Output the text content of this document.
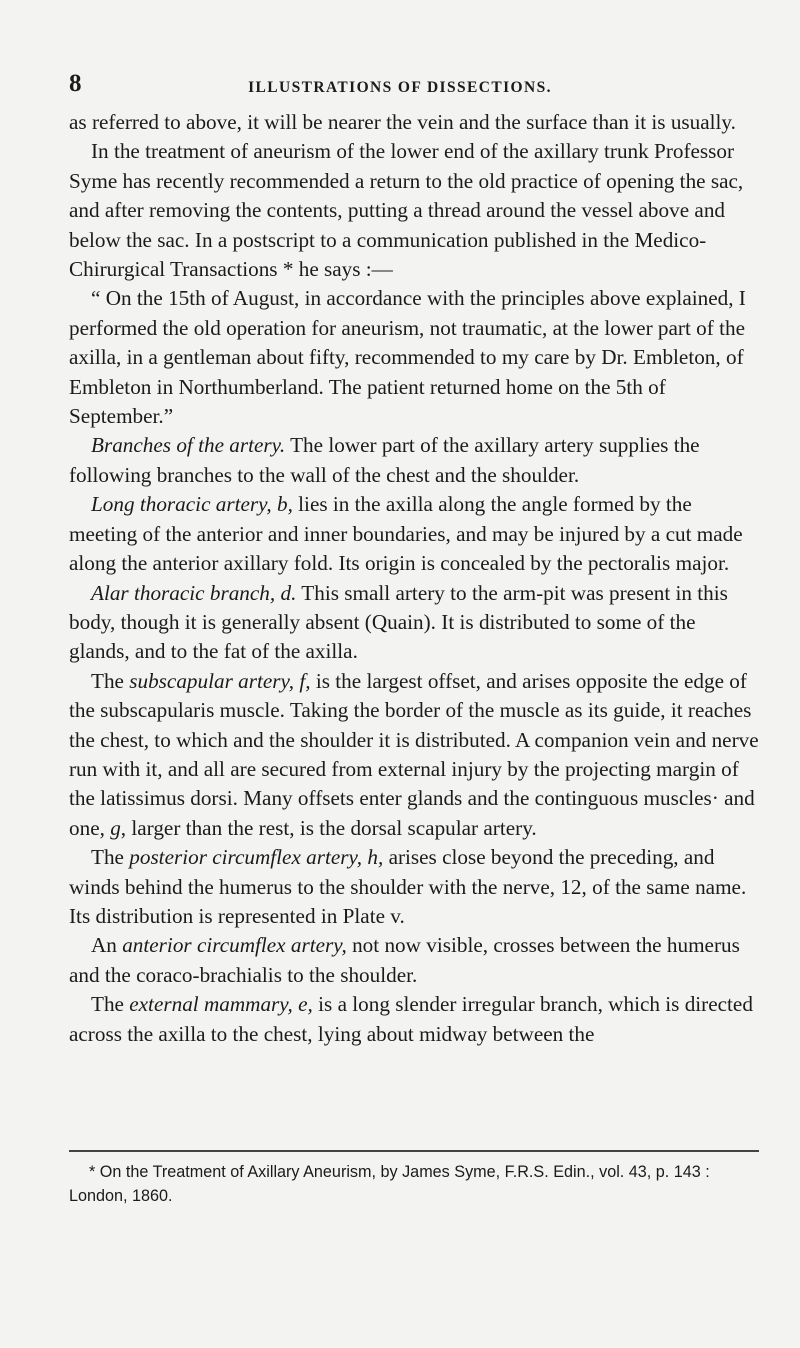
8	ILLUSTRATIONS OF DISSECTIONS.

as referred to above, it will be nearer the vein and the surface than it is usually.

In the treatment of aneurism of the lower end of the axillary trunk Professor Syme has recently recommended a return to the old practice of opening the sac, and after removing the contents, putting a thread around the vessel above and below the sac. In a postscript to a communication published in the Medico-Chirurgical Transactions * he says :—

“ On the 15th of August, in accordance with the principles above explained, I performed the old operation for aneurism, not traumatic, at the lower part of the axilla, in a gentleman about fifty, recommended to my care by Dr. Embleton, of Embleton in Northumberland. The patient returned home on the 5th of September.”

Branches of the artery. The lower part of the axillary artery supplies the following branches to the wall of the chest and the shoulder.

Long thoracic artery, b, lies in the axilla along the angle formed by the meeting of the anterior and inner boundaries, and may be injured by a cut made along the anterior axillary fold. Its origin is concealed by the pectoralis major.

Alar thoracic branch, d. This small artery to the arm-pit was present in this body, though it is generally absent (Quain). It is distributed to some of the glands, and to the fat of the axilla.

The subscapular artery, f, is the largest offset, and arises opposite the edge of the subscapularis muscle. Taking the border of the muscle as its guide, it reaches the chest, to which and the shoulder it is distributed. A companion vein and nerve run with it, and all are secured from external injury by the projecting margin of the latissimus dorsi. Many offsets enter glands and the continguous muscles· and one, g, larger than the rest, is the dorsal scapular artery.

The posterior circumflex artery, h, arises close beyond the preceding, and winds behind the humerus to the shoulder with the nerve, 12, of the same name. Its distribution is represented in Plate v.

An anterior circumflex artery, not now visible, crosses between the humerus and the coraco-brachialis to the shoulder.

The external mammary, e, is a long slender irregular branch, which is directed across the axilla to the chest, lying about midway between the

* On the Treatment of Axillary Aneurism, by James Syme, F.R.S. Edin., vol. 43, p. 143 : London, 1860.
